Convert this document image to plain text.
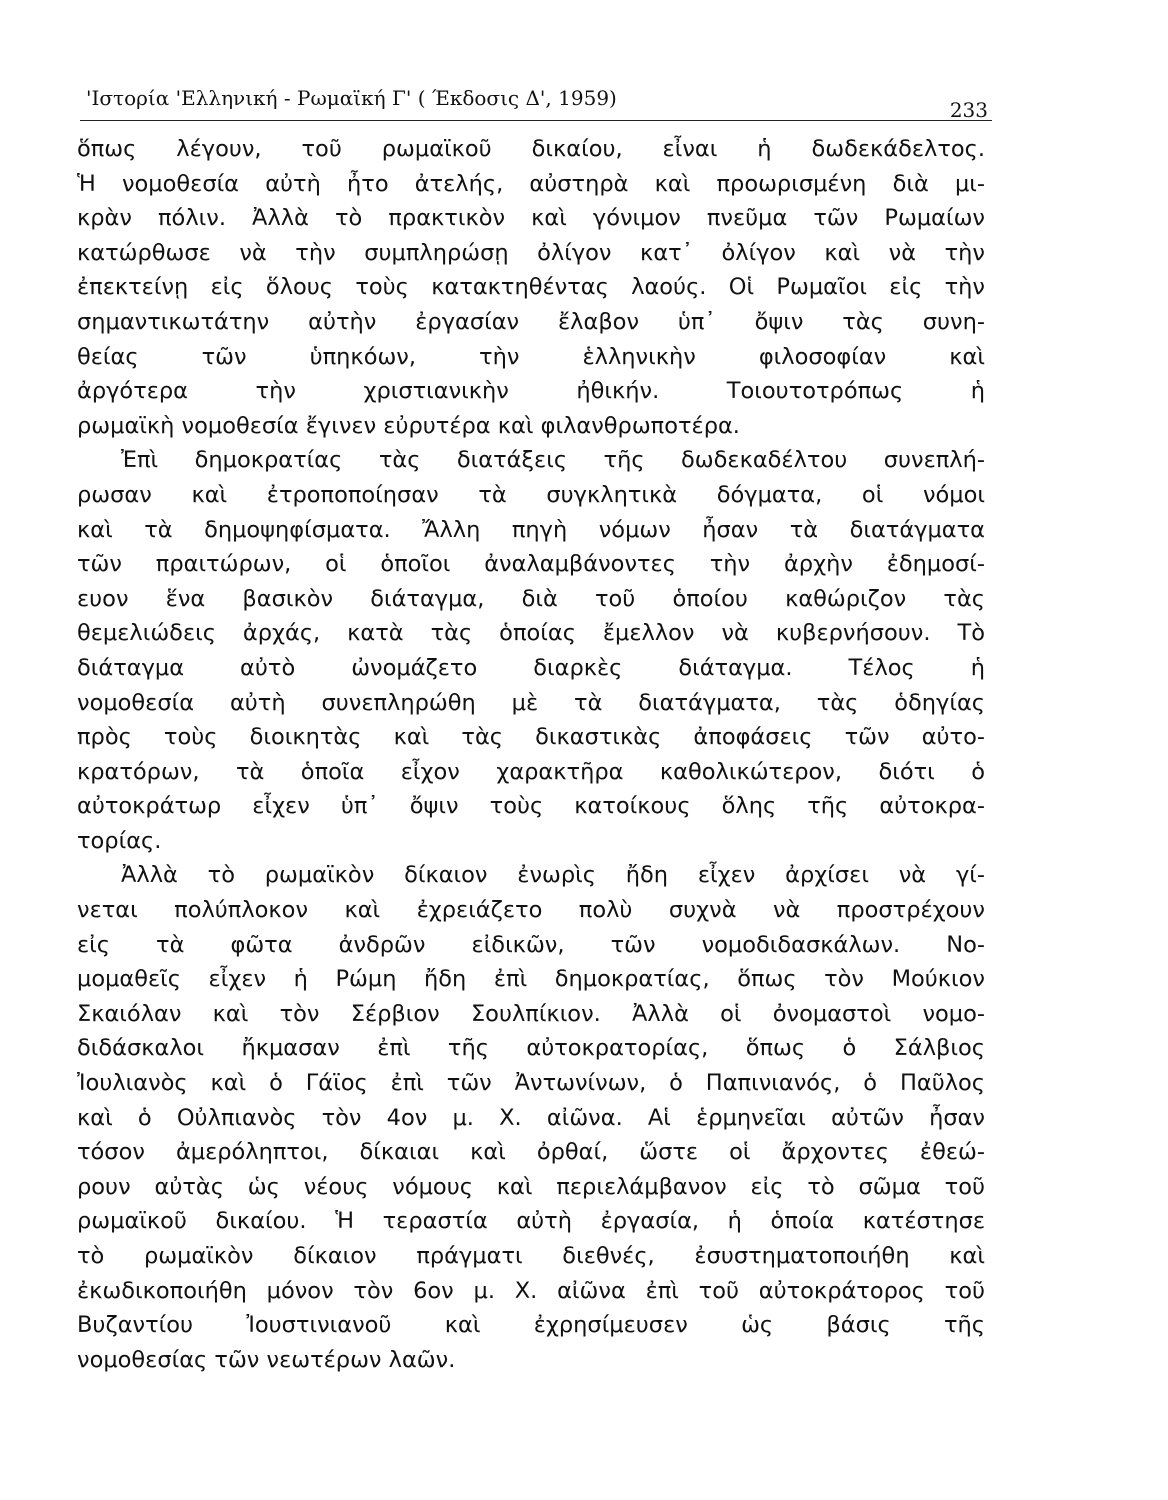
'Ιστορία 'Ελληνική - Ρωμαϊκή Γ' ( Έκδοσις Δ', 1959)	233
ὅπως λέγουν, τοῦ ρωμαϊκοῦ δικαίου, εἶναι ἡ δωδεκάδελτος.
Ἡ νομοθεσία αὐτὴ ἦτο ἀτελής, αὐστηρὰ καὶ προωρισμένη διὰ μι-
κρὰν πόλιν. Ἀλλὰ τὸ πρακτικὸν καὶ γόνιμον πνεῦμα τῶν Ρωμαίων
κατώρθωσε νὰ τὴν συμπληρώσῃ ὀλίγον κατ᾿ ὀλίγον καὶ νὰ τὴν
ἐπεκτείνῃ εἰς ὅλους τοὺς κατακτηθέντας λαούς. Οἱ Ρωμαῖοι εἰς τὴν
σημαντικωτάτην αὐτὴν ἐργασίαν ἔλαβον ὑπ᾿ ὄψιν τὰς συνη-
θείας τῶν ὑπηκόων, τὴν ἑλληνικὴν φιλοσοφίαν καὶ
ἀργότερα τὴν χριστιανικὴν ἠθικήν. Τοιουτοτρόπως ἡ
ρωμαϊκὴ νομοθεσία ἔγινεν εὐρυτέρα καὶ φιλανθρωποτέρα.
Ἐπὶ δημοκρατίας τὰς διατάξεις τῆς δωδεκαδέλτου συνεπλή-
ρωσαν καὶ ἐτροποποίησαν τὰ συγκλητικὰ δόγματα, οἱ νόμοι
καὶ τὰ δημοψηφίσματα. Ἄλλη πηγὴ νόμων ἦσαν τὰ διατάγματα
τῶν πραιτώρων, οἱ ὁποῖοι ἀναλαμβάνοντες τὴν ἀρχὴν ἐδημοσί-
ευον ἕνα βασικὸν διάταγμα, διὰ τοῦ ὁποίου καθώριζον τὰς
θεμελιώδεις ἀρχάς, κατὰ τὰς ὁποίας ἔμελλον νὰ κυβερνήσουν. Τὸ
διάταγμα αὐτὸ ὠνομάζετο διαρκὲς διάταγμα. Τέλος ἡ
νομοθεσία αὐτὴ συνεπληρώθη μὲ τὰ διατάγματα, τὰς ὁδηγίας
πρὸς τοὺς διοικητὰς καὶ τὰς δικαστικὰς ἀποφάσεις τῶν αὐτο-
κρατόρων, τὰ ὁποῖα εἶχον χαρακτῆρα καθολικώτερον, διότι ὁ
αὐτοκράτωρ εἶχεν ὑπ᾿ ὄψιν τοὺς κατοίκους ὅλης τῆς αὐτοκρα-
τορίας.
Ἀλλὰ τὸ ρωμαϊκὸν δίκαιον ἐνωρὶς ἤδη εἶχεν ἀρχίσει νὰ γί-
νεται πολύπλοκον καὶ ἐχρειάζετο πολὺ συχνὰ νὰ προστρέχουν
εἰς τὰ φῶτα ἀνδρῶν εἰδικῶν, τῶν νομοδιδασκάλων. Νο-
μομαθεῖς εἶχεν ἡ Ρώμη ἤδη ἐπὶ δημοκρατίας, ὅπως τὸν Μούκιον
Σκαιόλαν καὶ τὸν Σέρβιον Σουλπίκιον. Ἀλλὰ οἱ ὀνομαστοὶ νομο-
διδάσκαλοι ἤκμασαν ἐπὶ τῆς αὐτοκρατορίας, ὅπως ὁ Σάλβιος
Ἰουλιανὸς καὶ ὁ Γάϊος ἐπὶ τῶν Ἀντωνίνων, ὁ Παπινιανός, ὁ Παῦλος
καὶ ὁ Οὐλπιανὸς τὸν 4ον μ. Χ. αἰῶνα. Αἱ ἑρμηνεῖαι αὐτῶν ἦσαν
τόσον ἀμερόληπτοι, δίκαιαι καὶ ὀρθαί, ὥστε οἱ ἄρχοντες ἐθεώ-
ρουν αὐτὰς ὡς νέους νόμους καὶ περιελάμβανον εἰς τὸ σῶμα τοῦ
ρωμαϊκοῦ δικαίου. Ἡ τεραστία αὐτὴ ἐργασία, ἡ ὁποία κατέστησε
τὸ ρωμαϊκὸν δίκαιον πράγματι διεθνές, ἐσυστηματοποιήθη καὶ
ἐκωδικοποιήθη μόνον τὸν 6ον μ. Χ. αἰῶνα ἐπὶ τοῦ αὐτοκράτορος τοῦ
Βυζαντίου Ἰουστινιανοῦ καὶ ἐχρησίμευσεν ὡς βάσις τῆς
νομοθεσίας τῶν νεωτέρων λαῶν.
